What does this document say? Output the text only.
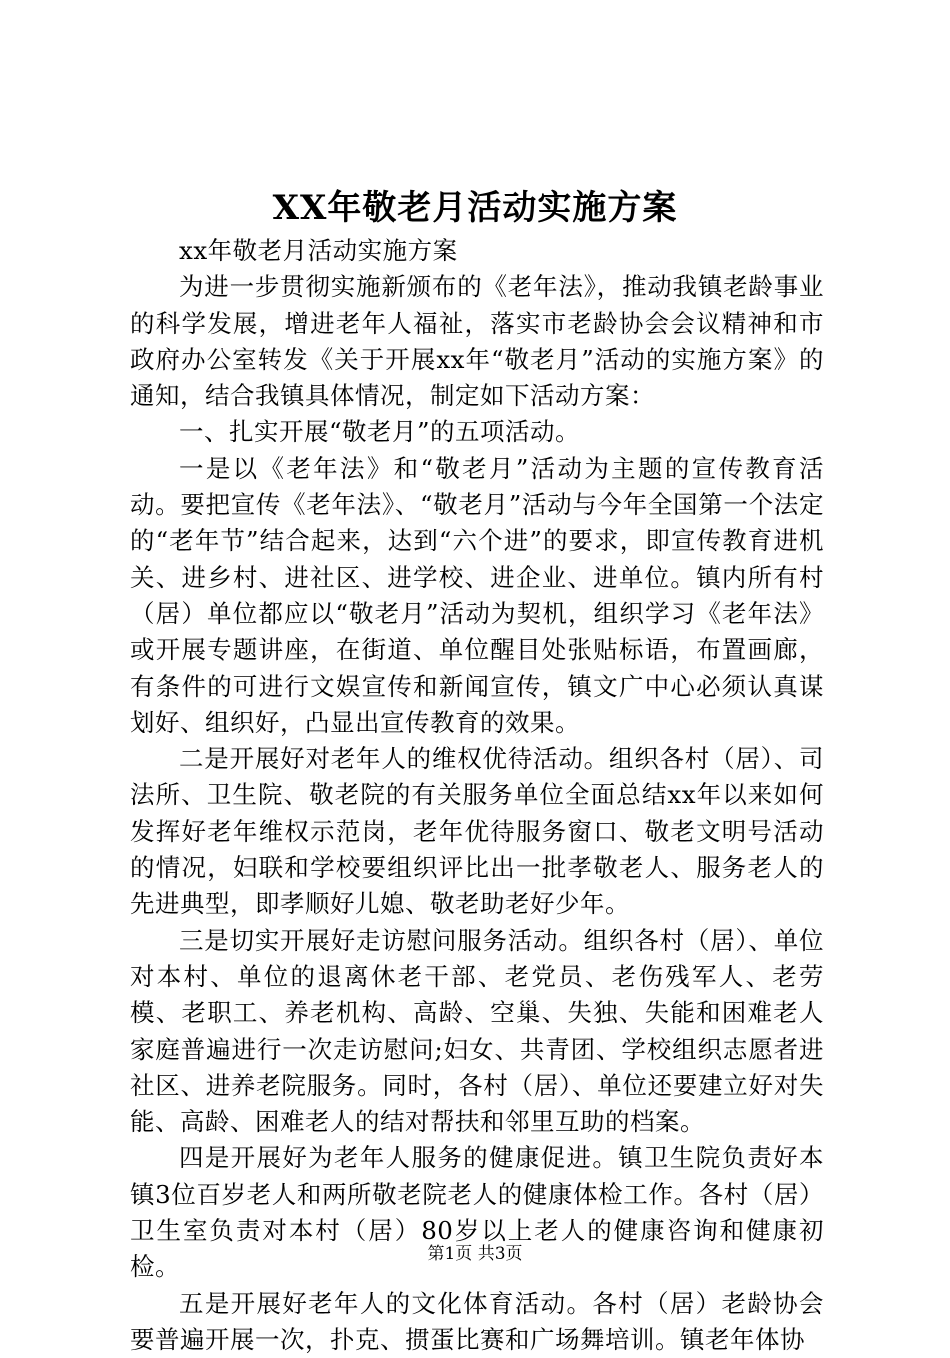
XX年敬老月活动实施方案

xx年敬老月活动实施方案

为进一步贯彻实施新颁布的《老年法》，推动我镇老龄事业的科学发展，增进老年人福祉，落实市老龄协会会议精神和市政府办公室转发《关于开展xx年“敬老月”活动的实施方案》的通知，结合我镇具体情况，制定如下活动方案：

一、扎实开展“敬老月”的五项活动。

一是以《老年法》和“敬老月”活动为主题的宣传教育活动。要把宣传《老年法》、“敬老月”活动与今年全国第一个法定的“老年节”结合起来，达到“六个进”的要求，即宣传教育进机关、进乡村、进社区、进学校、进企业、进单位。镇内所有村（居）单位都应以“敬老月”活动为契机，组织学习《老年法》或开展专题讲座，在街道、单位醒目处张贴标语，布置画廊，有条件的可进行文娱宣传和新闻宣传，镇文广中心必须认真谋划好、组织好，凸显出宣传教育的效果。

二是开展好对老年人的维权优待活动。组织各村（居）、司法所、卫生院、敬老院的有关服务单位全面总结xx年以来如何发挥好老年维权示范岗，老年优待服务窗口、敬老文明号活动的情况，妇联和学校要组织评比出一批孝敬老人、服务老人的先进典型，即孝顺好儿媳、敬老助老好少年。

三是切实开展好走访慰问服务活动。组织各村（居）、单位对本村、单位的退离休老干部、老党员、老伤残军人、老劳模、老职工、养老机构、高龄、空巢、失独、失能和困难老人家庭普遍进行一次走访慰问;妇女、共青团、学校组织志愿者进社区、进养老院服务。同时，各村（居）、单位还要建立好对失能、高龄、困难老人的结对帮扶和邻里互助的档案。

四是开展好为老年人服务的健康促进。镇卫生院负责好本镇3位百岁老人和两所敬老院老人的健康体检工作。各村（居）卫生室负责对本村（居）80岁以上老人的健康咨询和健康初检。

五是开展好老年人的文化体育活动。各村（居）老龄协会要普遍开展一次，扑克、掼蛋比赛和广场舞培训。镇老年体协

第1页 共3页
